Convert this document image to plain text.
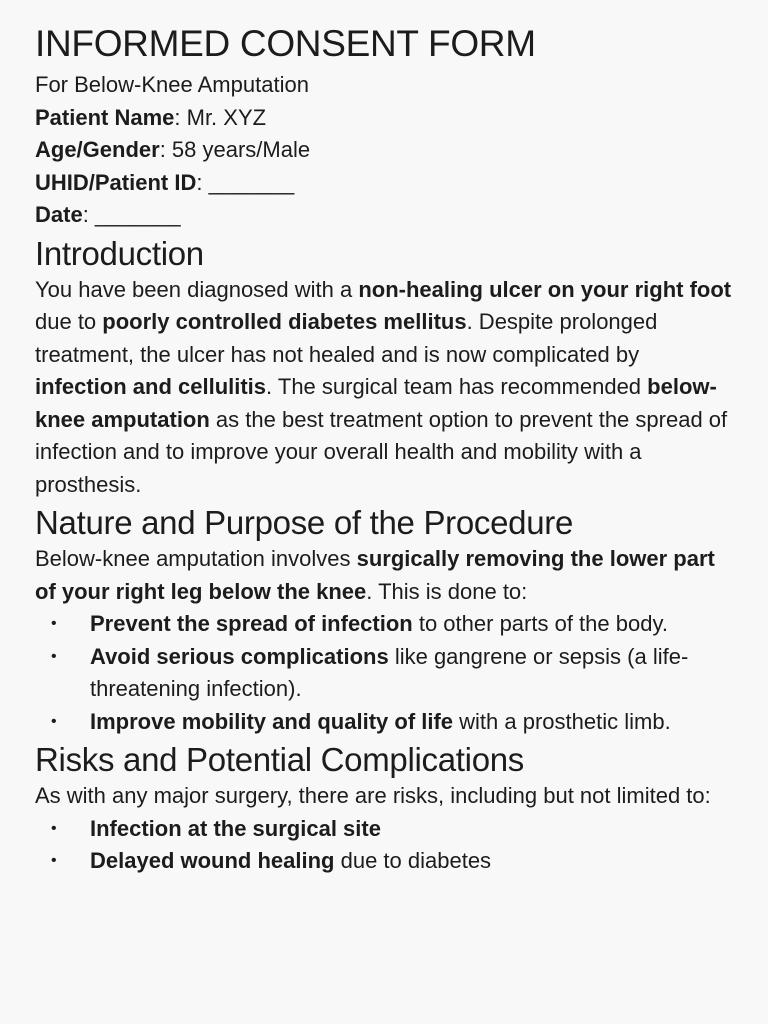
INFORMED CONSENT FORM
For Below-Knee Amputation
Patient Name: Mr. XYZ
Age/Gender: 58 years/Male
UHID/Patient ID: _______
Date: _______
Introduction

You have been diagnosed with a non-healing ulcer on your right foot due to poorly controlled diabetes mellitus. Despite prolonged treatment, the ulcer has not healed and is now complicated by infection and cellulitis. The surgical team has recommended below-knee amputation as the best treatment option to prevent the spread of infection and to improve your overall health and mobility with a prosthesis.

Nature and Purpose of the Procedure

Below-knee amputation involves surgically removing the lower part of your right leg below the knee. This is done to:

• Prevent the spread of infection to other parts of the body.
• Avoid serious complications like gangrene or sepsis (a life-threatening infection).
• Improve mobility and quality of life with a prosthetic limb.
Risks and Potential Complications

As with any major surgery, there are risks, including but not limited to:

• Infection at the surgical site
• Delayed wound healing due to diabetes
